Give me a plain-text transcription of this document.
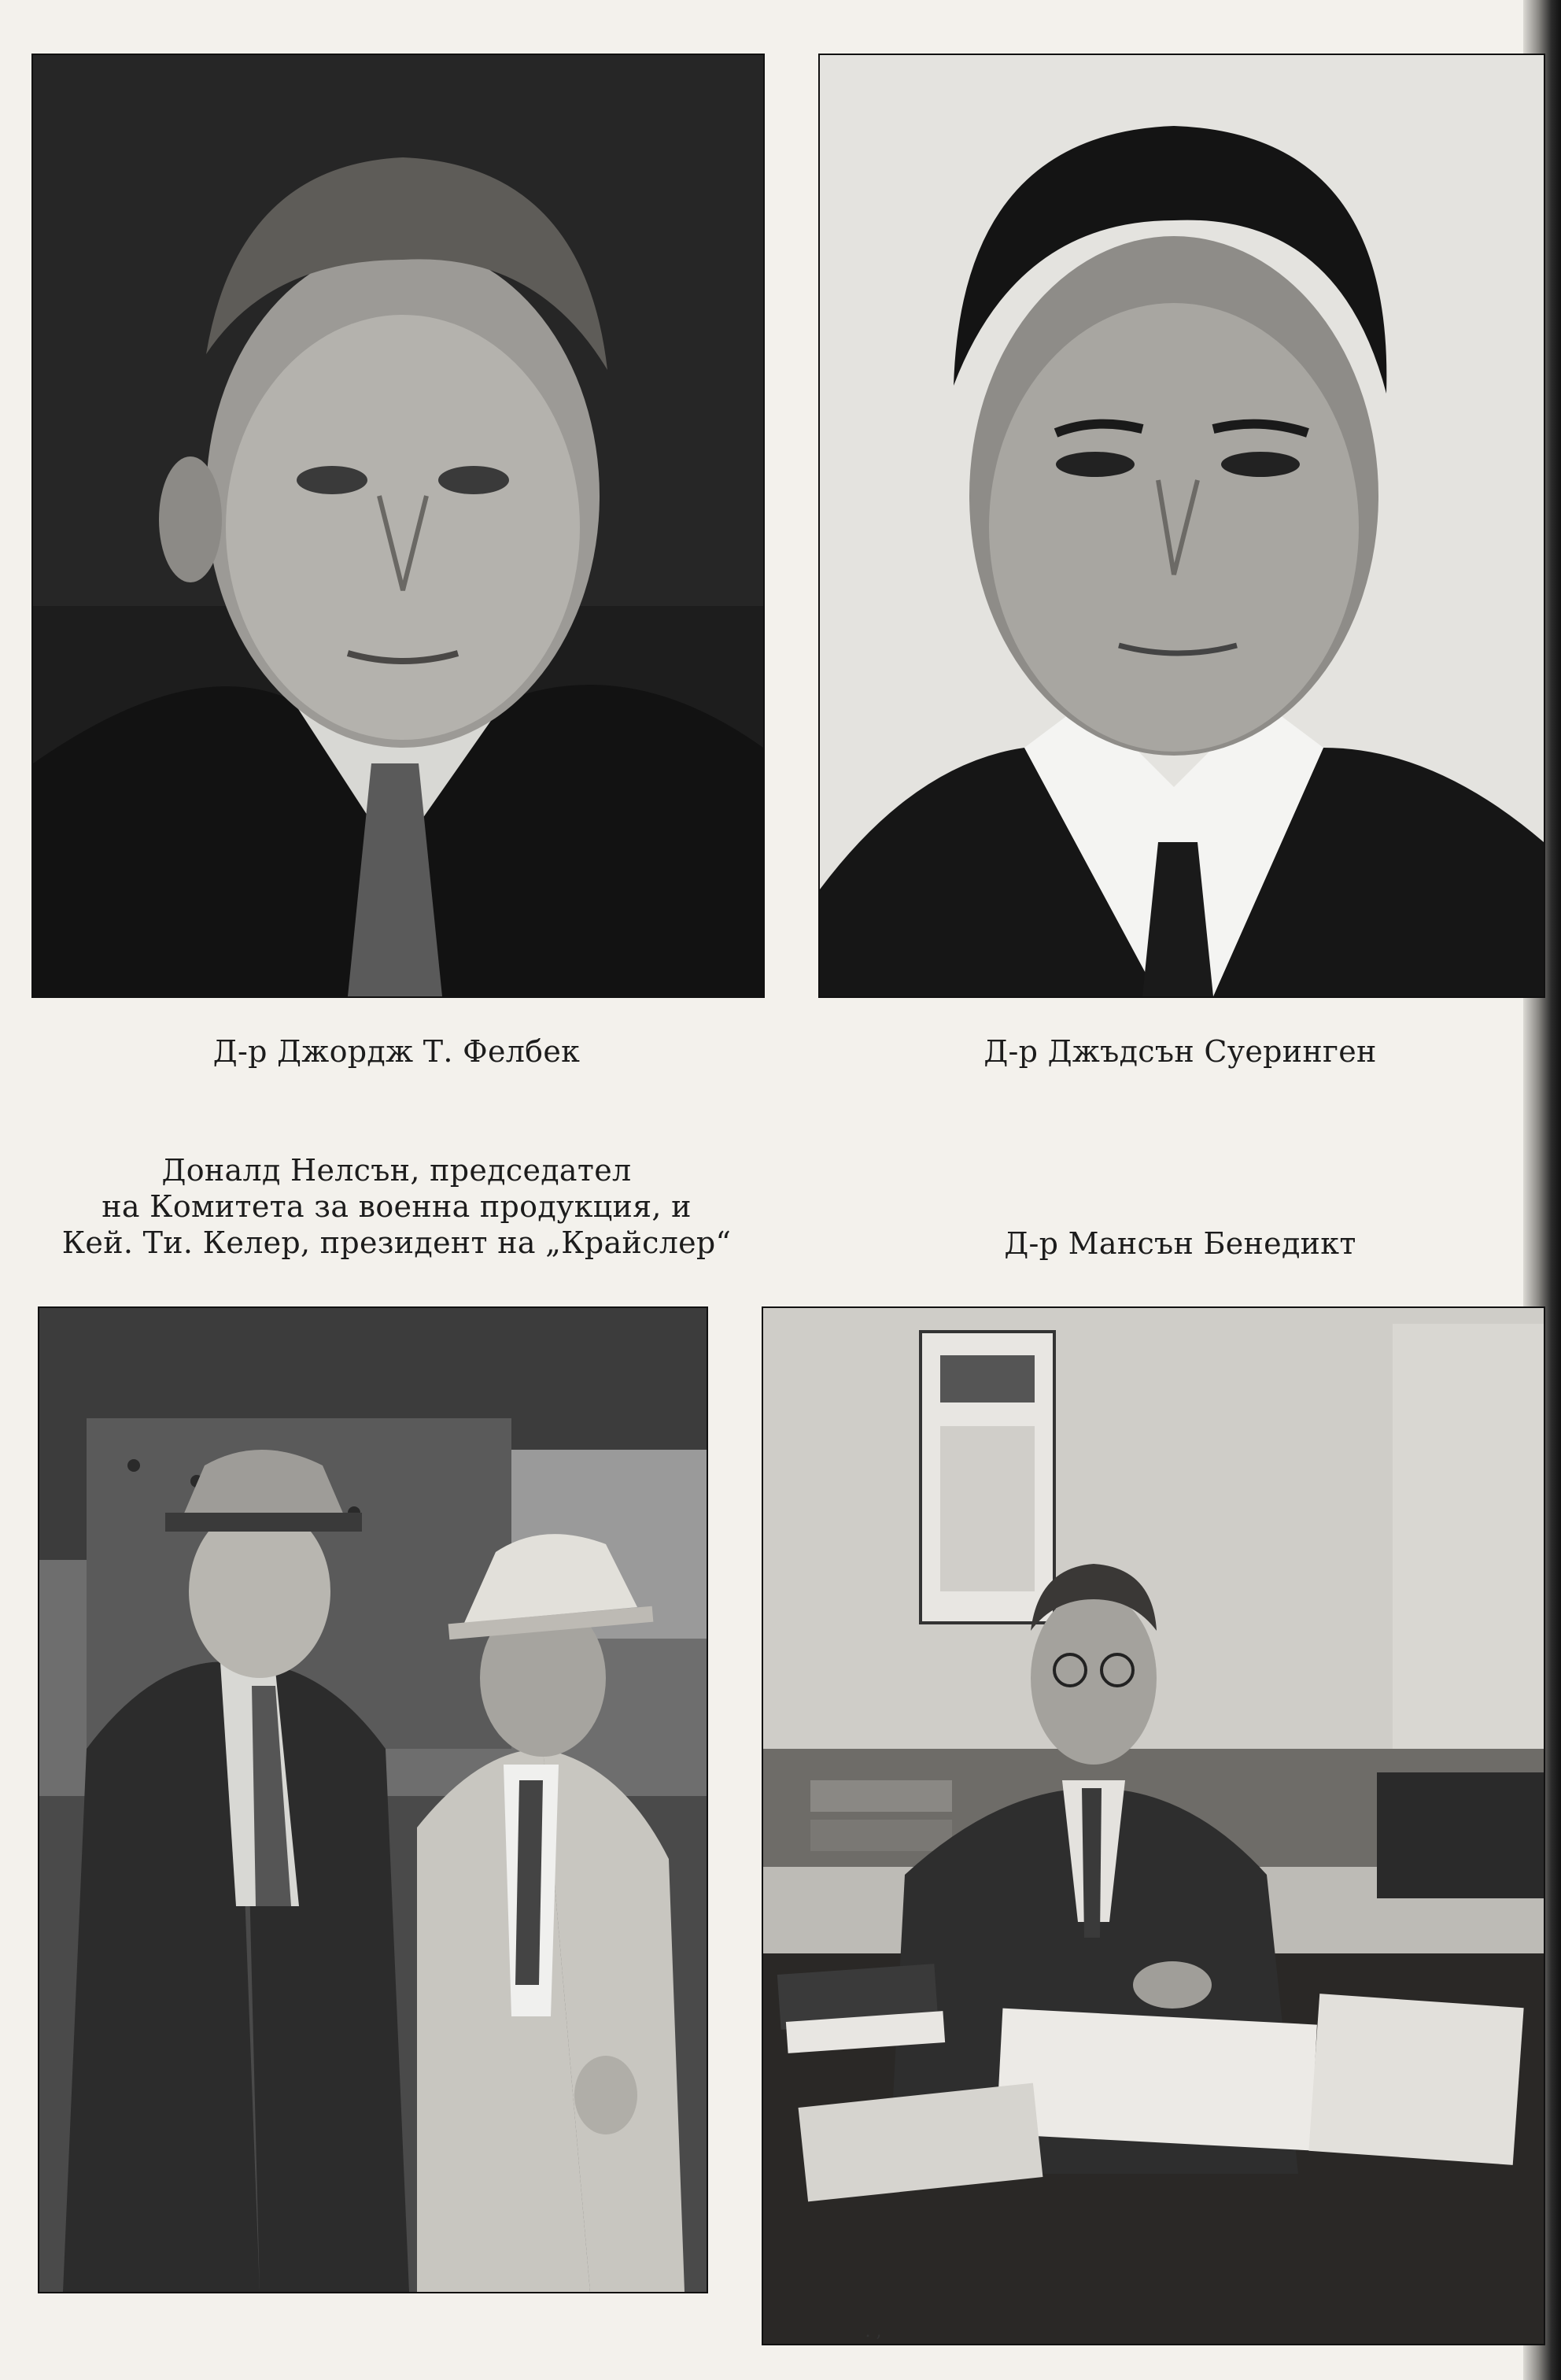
Д-р Джордж Т. Фелбек	Д-р Джъдсън Суеринген
Доналд Нелсън, председател
на Комитета за военна продукция, и
Кей. Ти. Келер, президент на „Крайслер“	Д-р Мансън Бенедикт
. ,
